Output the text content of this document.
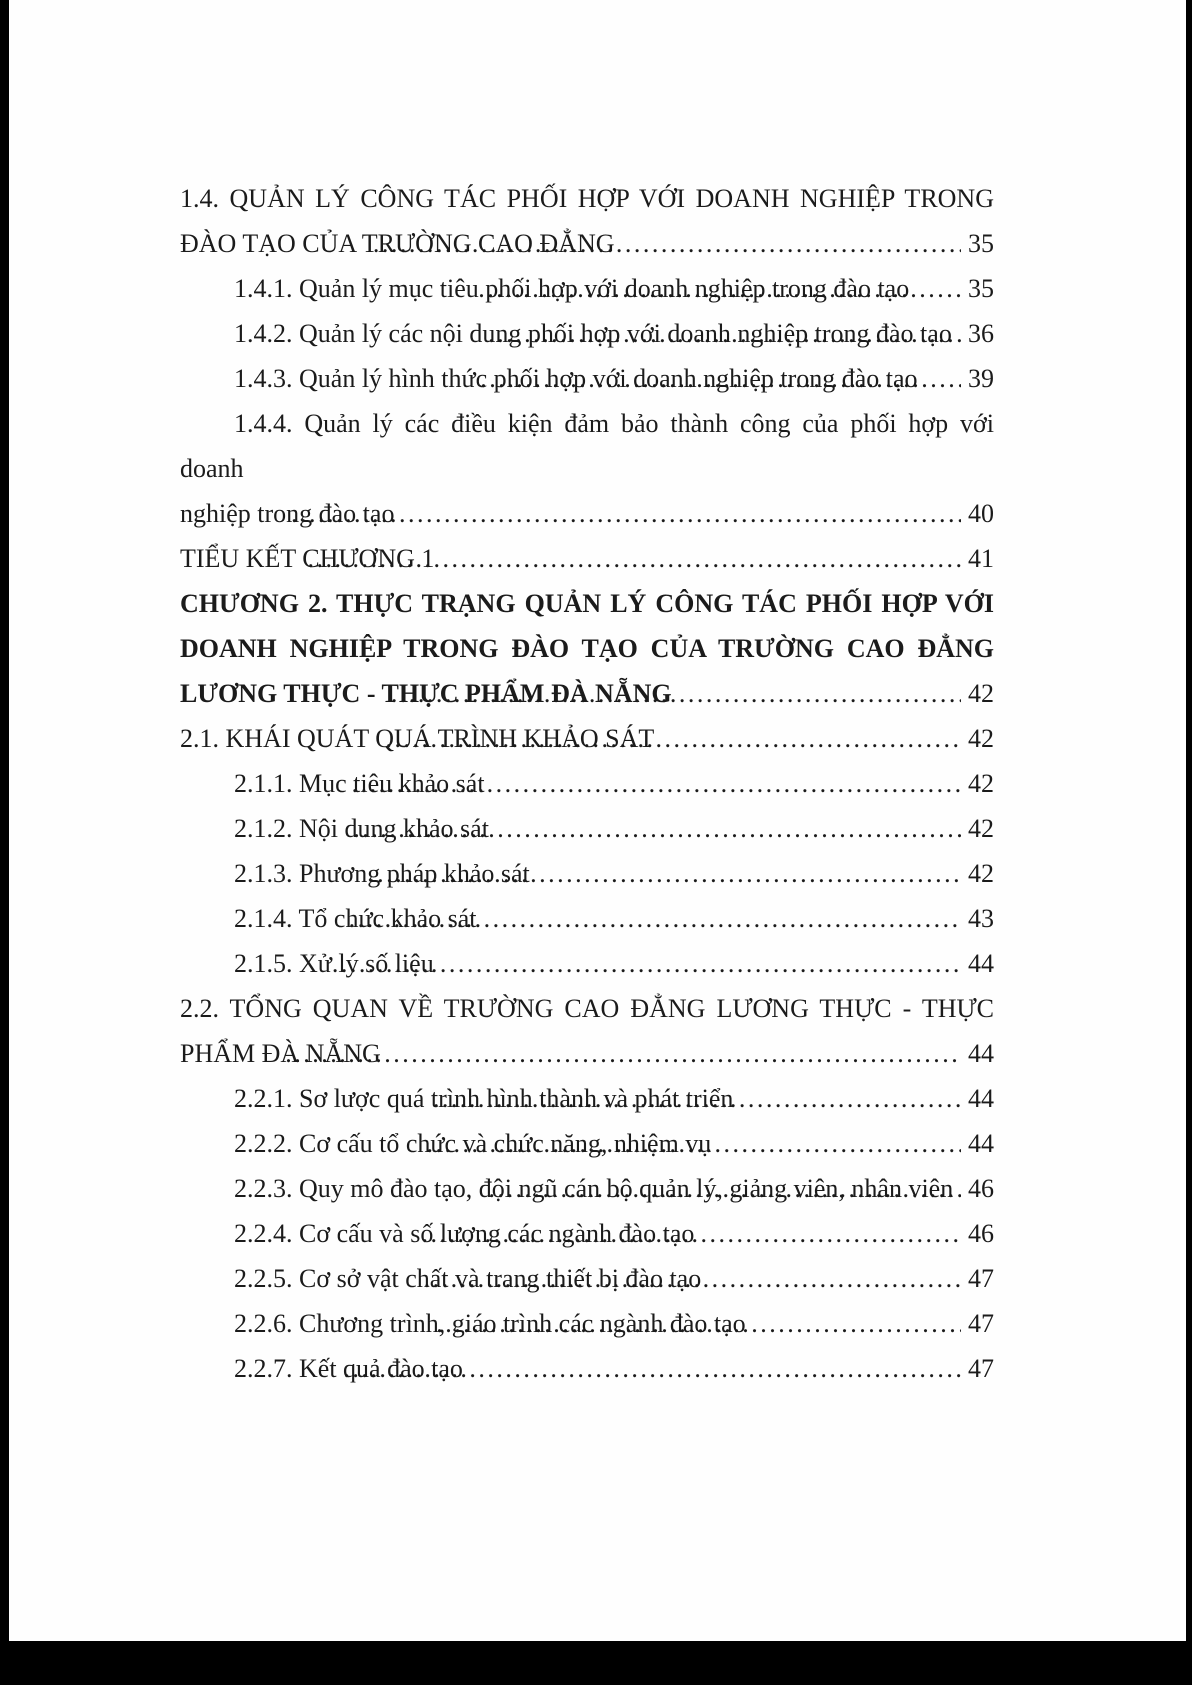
1.4. QUẢN LÝ CÔNG TÁC PHỐI HỢP VỚI DOANH NGHIỆP TRONG
ĐÀO TẠO CỦA TRƯỜNG CAO ĐẲNG .....	35
1.4.1. Quản lý mục tiêu phối hợp với doanh nghiệp trong đào tạo ..... 35
1.4.2. Quản lý các nội dung phối hợp với doanh nghiệp trong đào tạo ..... 36
1.4.3. Quản lý hình thức phối hợp với doanh nghiệp trong đào tạo ..... 39
1.4.4. Quản lý các điều kiện đảm bảo thành công của phối hợp với doanh
nghiệp trong đào tạo .....	40
TIỂU KẾT CHƯƠNG 1 .....	41
CHƯƠNG 2. THỰC TRẠNG QUẢN LÝ CÔNG TÁC PHỐI HỢP VỚI
DOANH NGHIỆP TRONG ĐÀO TẠO CỦA TRƯỜNG CAO ĐẲNG
LƯƠNG THỰC - THỰC PHẨM ĐÀ NẴNG .....	42
2.1. KHÁI QUÁT QUÁ TRÌNH KHẢO SÁT .....	42
2.1.1. Mục tiêu khảo sát .....	42
2.1.2. Nội dung khảo sát .....	42
2.1.3. Phương pháp khảo sát .....	42
2.1.4. Tổ chức khảo sát .....	43
2.1.5. Xử lý số liệu .....	44
2.2. TỔNG QUAN VỀ TRƯỜNG CAO ĐẲNG LƯƠNG THỰC - THỰC
PHẨM ĐÀ NẴNG .....	44
2.2.1. Sơ lược quá trình hình thành và phát triển .....	44
2.2.2. Cơ cấu tổ chức và chức năng, nhiệm vụ .....	44
2.2.3. Quy mô đào tạo, đội ngũ cán bộ quản lý, giảng viên, nhân viên ..... 46
2.2.4. Cơ cấu và số lượng các ngành đào tạo .....	46
2.2.5. Cơ sở vật chất và trang thiết bị đào tạo .....	47
2.2.6. Chương trình, giáo trình các ngành đào tạo .....	47
2.2.7. Kết quả đào tạo .....	47
